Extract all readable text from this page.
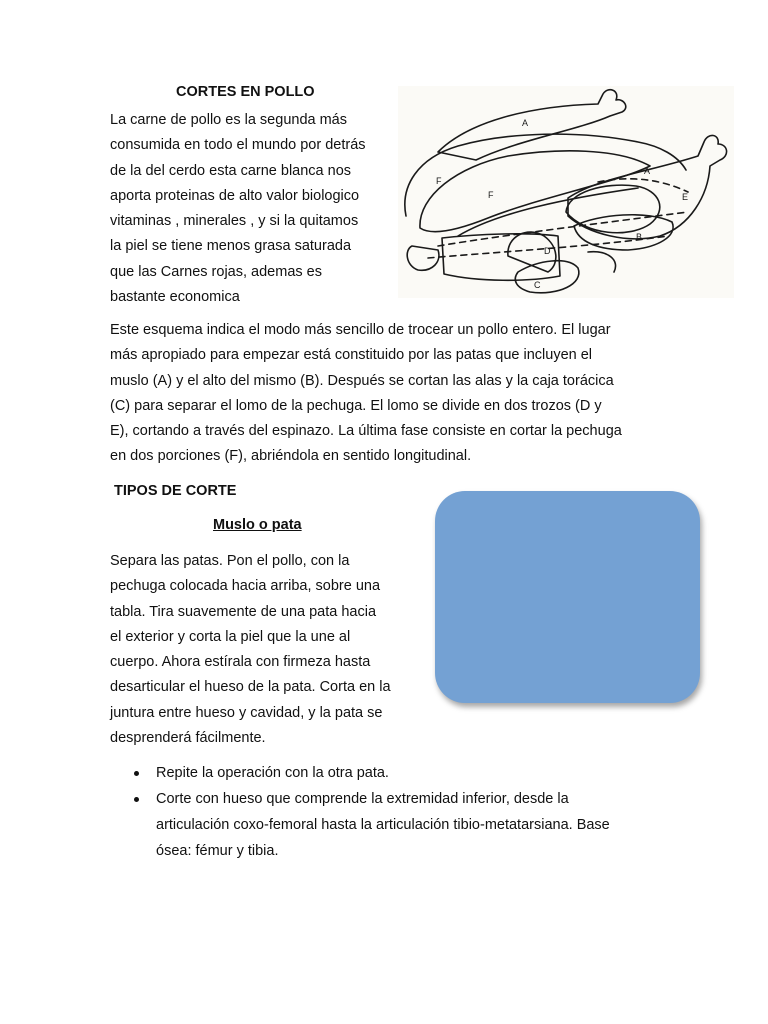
CORTES EN POLLO

La carne de pollo es la segunda más
consumida en todo el mundo por detrás
de la del cerdo esta carne blanca nos
aporta proteinas de alto valor biologico
vitaminas , minerales , y si la quitamos
la piel se tiene menos grasa saturada
que las Carnes rojas, ademas es
bastante economica

A
A
F
F	E
B
D
C

Este esquema indica el modo más sencillo de trocear un pollo entero. El lugar
más apropiado para empezar está constituido por las patas que incluyen el
muslo (A) y el alto del mismo (B). Después se cortan las alas y la caja torácica
(C) para separar el lomo de la pechuga. El lomo se divide en dos trozos (D y
E), cortando a través del espinazo. La última fase consiste en cortar la pechuga
en dos porciones (F), abriéndola en sentido longitudinal.

TIPOS DE CORTE
Muslo o pata

Separa las patas. Pon el pollo, con la
pechuga colocada hacia arriba, sobre una
tabla. Tira suavemente de una pata hacia
el exterior y corta la piel que la une al
cuerpo. Ahora estírala con firmeza hasta
desarticular el hueso de la pata. Corta en la
juntura entre hueso y cavidad, y la pata se
desprenderá fácilmente.

Repite la operación con la otra pata.
Corte con hueso que comprende la extremidad inferior, desde la
articulación coxo-femoral hasta la articulación tibio-metatarsiana. Base
ósea: fémur y tibia.
